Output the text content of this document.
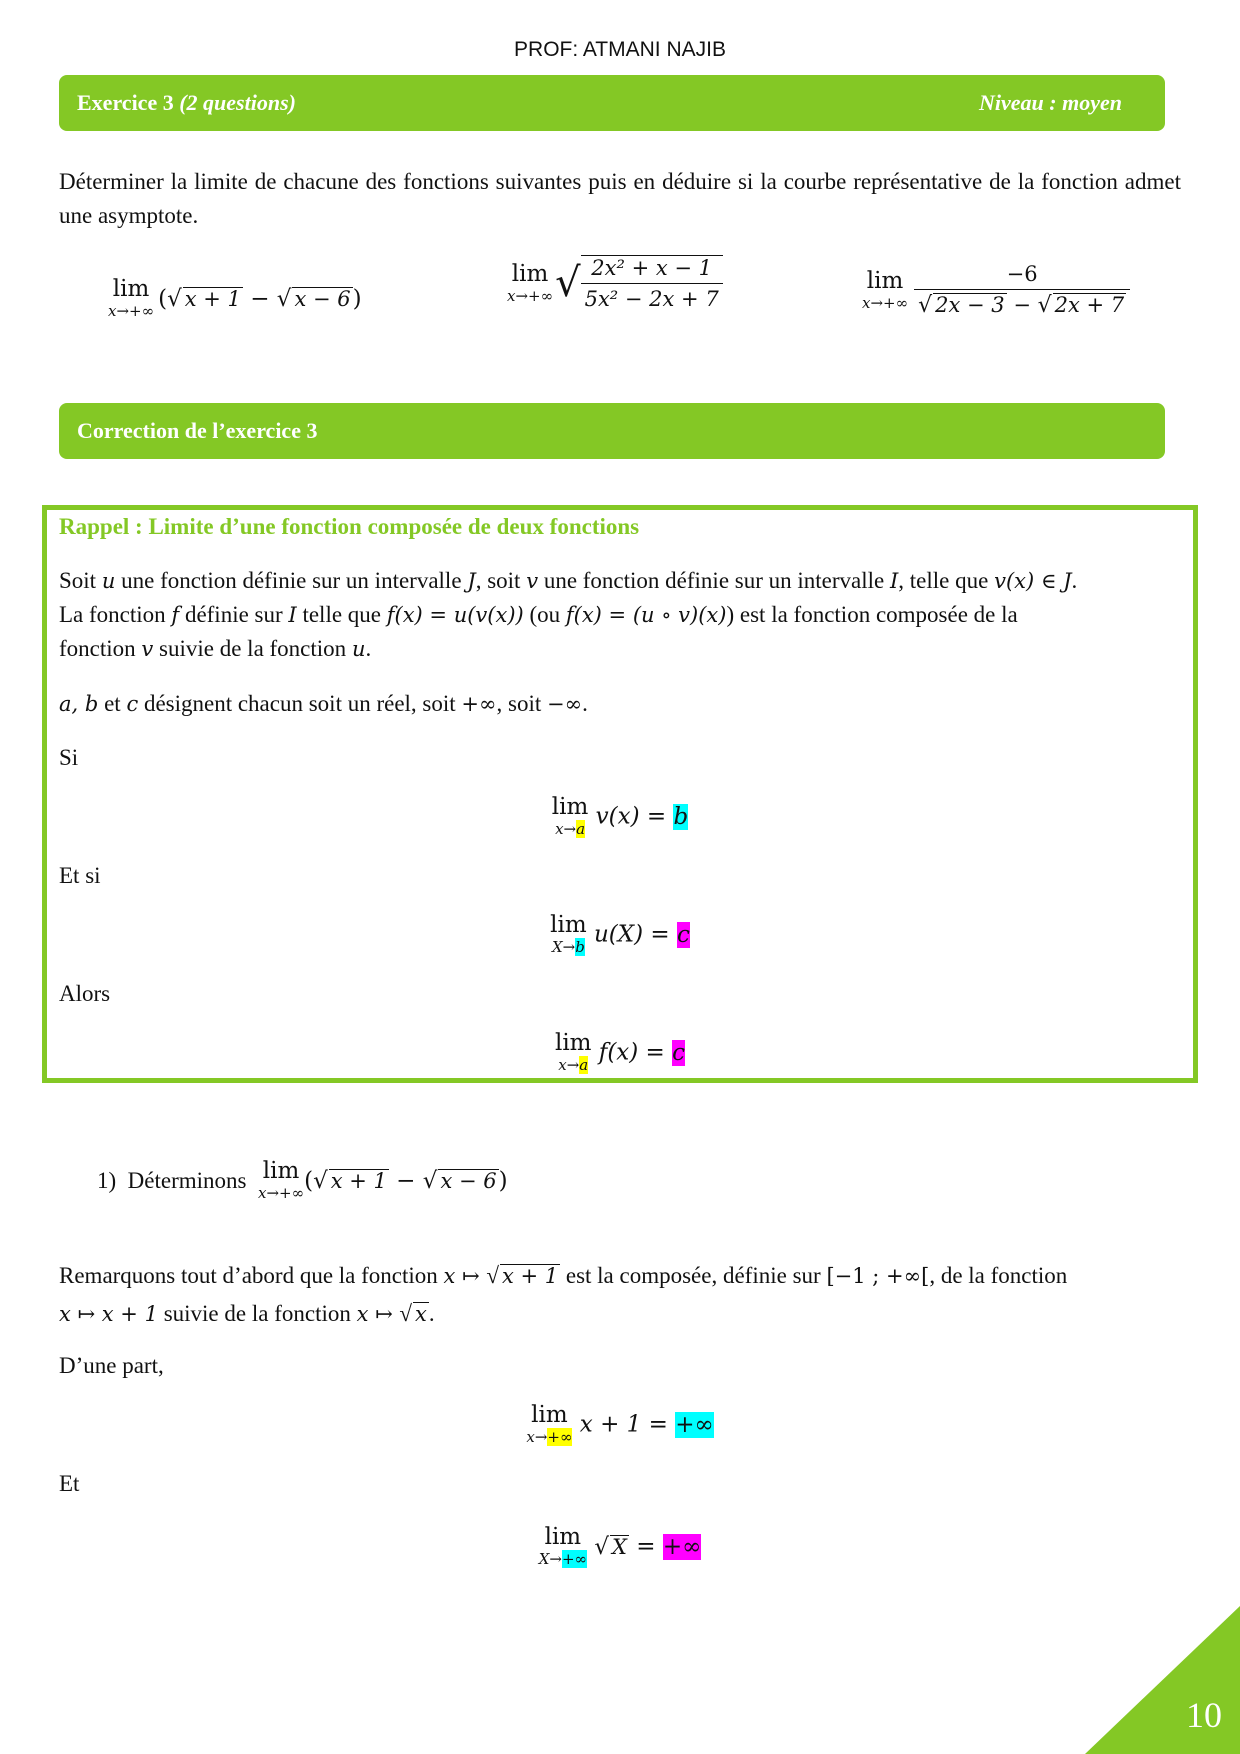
PROF: ATMANI NAJIB
Exercice 3
(2 questions)	Niveau : moyen
Déterminer la limite de chacune des fonctions suivantes puis en déduire si la courbe représentative de la fonction admet une asymptote.
lim
x→+∞ (√ x + 1 − √ x − 6)
lim
x→+∞ √ $\frac{\text{2x² + x − 1}}{\text{5x² − 2x + 7}}$	lim
$x\to+\infty \frac{-6}{√ 2x - 3 - √ 2x + 7}$
Correction de l’exercice 3
Rappel : Limite d’une fonction composée de deux fonctions
Soit u une fonction définie sur un intervalle J, soit v une fonction définie sur un intervalle I, telle que v(x) ∈ J.
La fonction f définie sur I telle que f(x) = u(v(x)) (ou f(x) = (u ∘ v)(x)) est la fonction composée de la
fonction v suivie de la fonction u.
a, b et c désignent chacun soit un réel, soit +∞, soit −∞.
Si
lim
x→a v(x) = b
Et si
lim
X→b u(X) = c
Alors
lim
x→a f(x) = c
1)
Déterminons
lim
x→+∞ (√ x + 1 − √ x − 6)
Remarquons tout d’abord que la fonction x ↦ √ x + 1 est la composée, définie sur [−1 ; +∞[, de la fonction
x ↦ x + 1 suivie de la fonction x ↦ √ x.
D’une part,
lim
x→+∞ x + 1 = +∞
Et
lim
X→+∞ √ X = +∞
10
